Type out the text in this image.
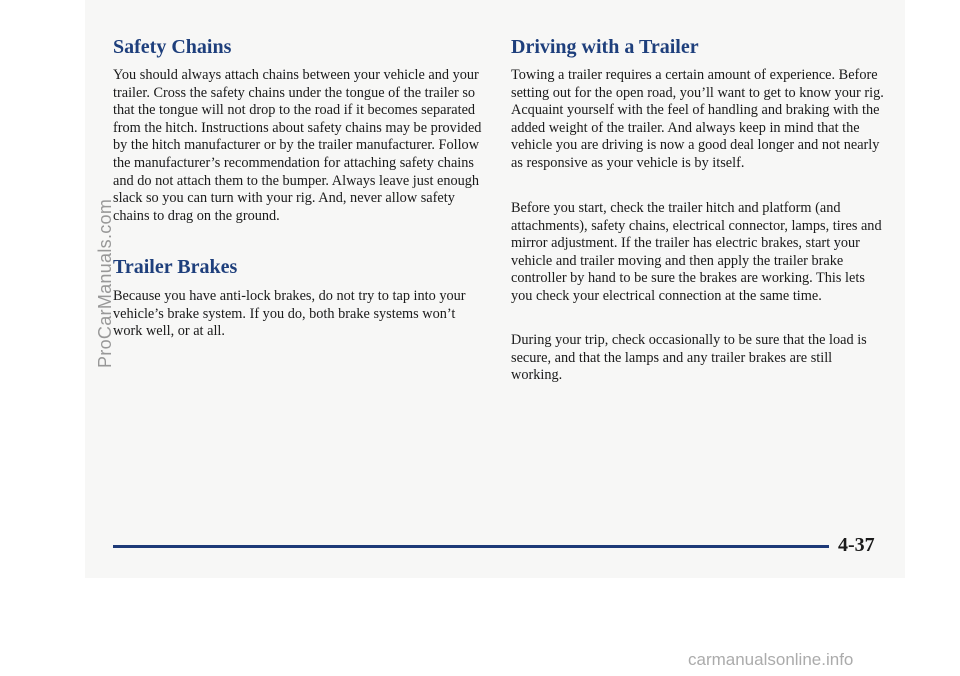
Safety Chains

You should always attach chains between your vehicle and your trailer. Cross the safety chains under the tongue of the trailer so that the tongue will not drop to the road if it becomes separated from the hitch. Instructions about safety chains may be provided by the hitch manufacturer or by the trailer manufacturer. Follow the manufacturer’s recommendation for attaching safety chains and do not attach them to the bumper. Always leave just enough slack so you can turn with your rig. And, never allow safety chains to drag on the ground.

Trailer Brakes

Because you have anti-lock brakes, do not try to tap into your vehicle’s brake system. If you do, both brake systems won’t work well, or at all.

Driving with a Trailer

Towing a trailer requires a certain amount of experience. Before setting out for the open road, you’ll want to get to know your rig. Acquaint yourself with the feel of handling and braking with the added weight of the trailer. And always keep in mind that the vehicle you are driving is now a good deal longer and not nearly as responsive as your vehicle is by itself.

Before you start, check the trailer hitch and platform (and attachments), safety chains, electrical connector, lamps, tires and mirror adjustment. If the trailer has electric brakes, start your vehicle and trailer moving and then apply the trailer brake controller by hand to be sure the brakes are working. This lets you check your electrical connection at the same time.

During your trip, check occasionally to be sure that the load is secure, and that the lamps and any trailer brakes are still working.

4-37
ProCarManuals.com
carmanualsonline.info
